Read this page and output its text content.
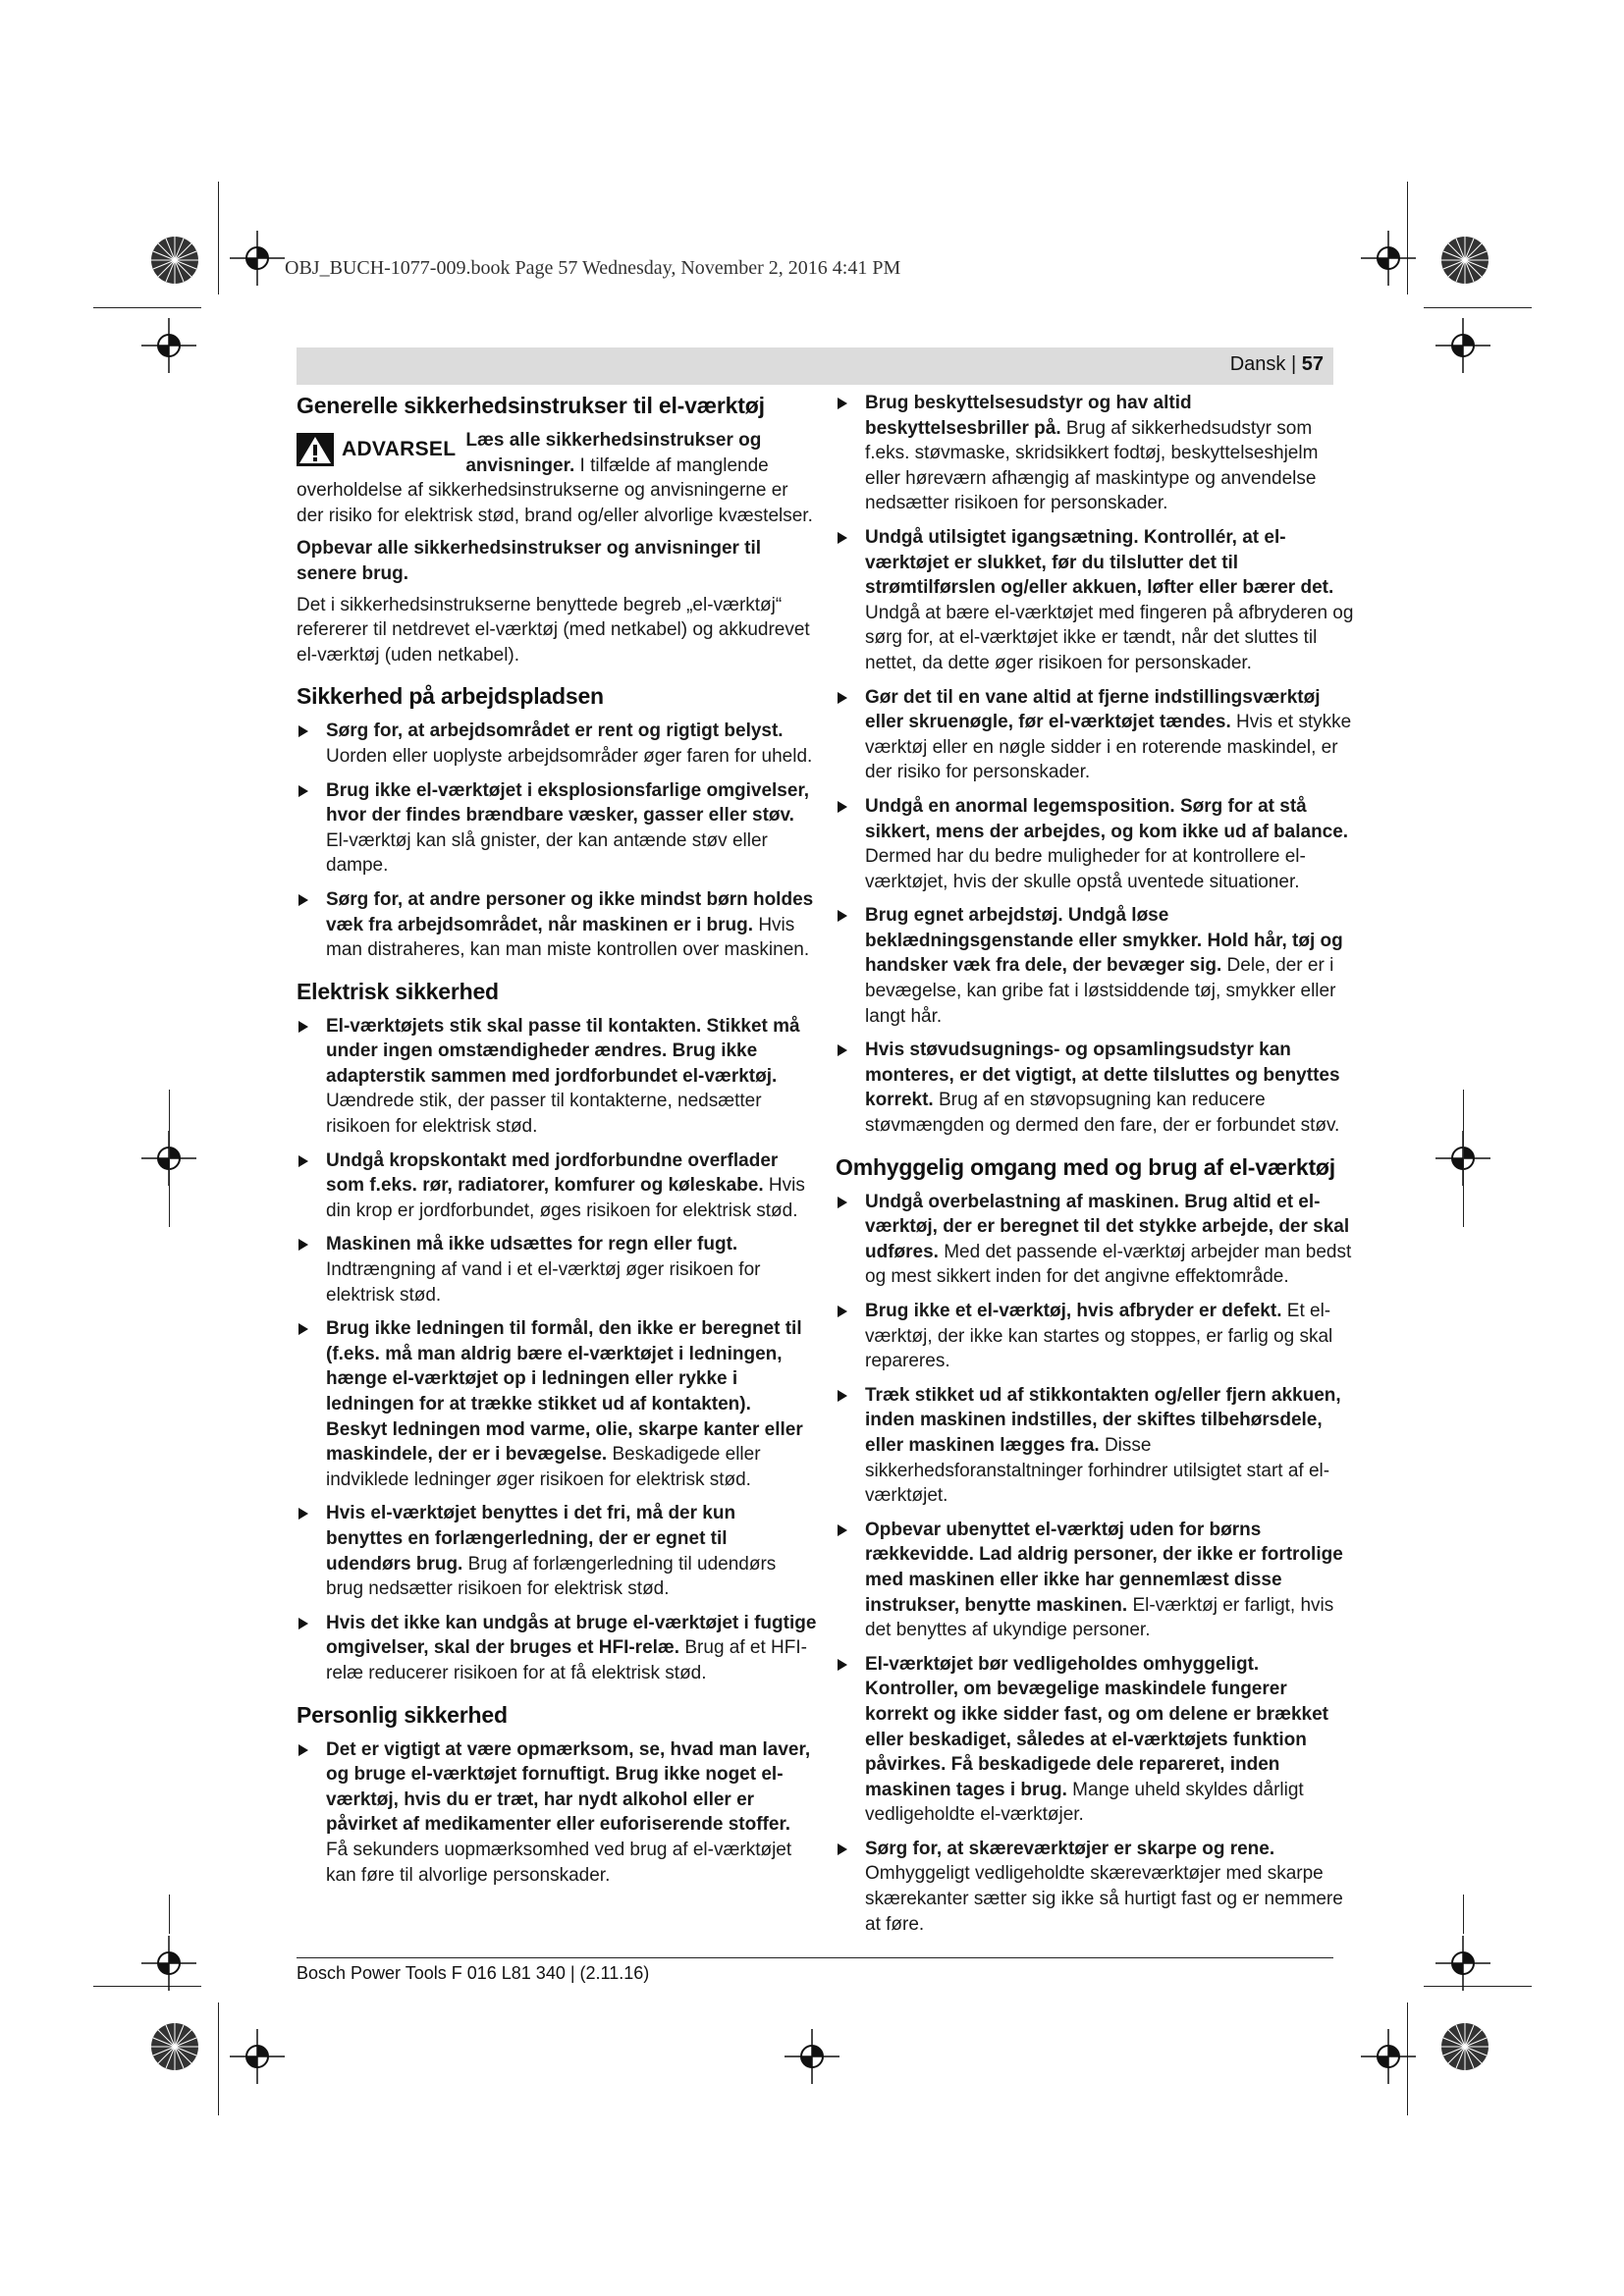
OBJ_BUCH-1077-009.book Page 57 Wednesday, November 2, 2016 4:41 PM
Dansk | 57
Generelle sikkerhedsinstrukser til el-værktøj
ADVARSEL Læs alle sikkerhedsinstrukser og anvisninger. I tilfælde af manglende overholdelse af sikkerhedsinstrukserne og anvisningerne er der risiko for elektrisk stød, brand og/eller alvorlige kvæstelser.

Opbevar alle sikkerhedsinstrukser og anvisninger til senere brug.

Det i sikkerhedsinstrukserne benyttede begreb „el-værktøj“ refererer til netdrevet el-værktøj (med netkabel) og akkudrevet el-værktøj (uden netkabel).

Sikkerhed på arbejdspladsen
Sørg for, at arbejdsområdet er rent og rigtigt belyst. Uorden eller uoplyste arbejdsområder øger faren for uheld.
Brug ikke el-værktøjet i eksplosionsfarlige omgivelser, hvor der findes brændbare væsker, gasser eller støv. El-værktøj kan slå gnister, der kan antænde støv eller dampe.
Sørg for, at andre personer og ikke mindst børn holdes væk fra arbejdsområdet, når maskinen er i brug. Hvis man distraheres, kan man miste kontrollen over maskinen.
Elektrisk sikkerhed
El-værktøjets stik skal passe til kontakten. Stikket må under ingen omstændigheder ændres. Brug ikke adapterstik sammen med jordforbundet el-værktøj. Uændrede stik, der passer til kontakterne, nedsætter risikoen for elektrisk stød.
Undgå kropskontakt med jordforbundne overflader som f.eks. rør, radiatorer, komfurer og køleskabe. Hvis din krop er jordforbundet, øges risikoen for elektrisk stød.
Maskinen må ikke udsættes for regn eller fugt. Indtrængning af vand i et el-værktøj øger risikoen for elektrisk stød.
Brug ikke ledningen til formål, den ikke er beregnet til (f.eks. må man aldrig bære el-værktøjet i ledningen, hænge el-værktøjet op i ledningen eller rykke i ledningen for at trække stikket ud af kontakten). Beskyt ledningen mod varme, olie, skarpe kanter eller maskindele, der er i bevægelse. Beskadigede eller indviklede ledninger øger risikoen for elektrisk stød.
Hvis el-værktøjet benyttes i det fri, må der kun benyttes en forlængerledning, der er egnet til udendørs brug. Brug af forlængerledning til udendørs brug nedsætter risikoen for elektrisk stød.
Hvis det ikke kan undgås at bruge el-værktøjet i fugtige omgivelser, skal der bruges et HFI-relæ. Brug af et HFI-relæ reducerer risikoen for at få elektrisk stød.
Personlig sikkerhed
Det er vigtigt at være opmærksom, se, hvad man laver, og bruge el-værktøjet fornuftigt. Brug ikke noget el-værktøj, hvis du er træt, har nydt alkohol eller er påvirket af medikamenter eller euforiserende stoffer. Få sekunders uopmærksomhed ved brug af el-værktøjet kan føre til alvorlige personskader.
Brug beskyttelsesudstyr og hav altid beskyttelsesbriller på. Brug af sikkerhedsudstyr som f.eks. støvmaske, skridsikkert fodtøj, beskyttelseshjelm eller høreværn afhængig af maskintype og anvendelse nedsætter risikoen for personskader.
Undgå utilsigtet igangsætning. Kontrollér, at el-værktøjet er slukket, før du tilslutter det til strømtilførslen og/eller akkuen, løfter eller bærer det. Undgå at bære el-værktøjet med fingeren på afbryderen og sørg for, at el-værktøjet ikke er tændt, når det sluttes til nettet, da dette øger risikoen for personskader.
Gør det til en vane altid at fjerne indstillingsværktøj eller skruenøgle, før el-værktøjet tændes. Hvis et stykke værktøj eller en nøgle sidder i en roterende maskindel, er der risiko for personskader.
Undgå en anormal legemsposition. Sørg for at stå sikkert, mens der arbejdes, og kom ikke ud af balance. Dermed har du bedre muligheder for at kontrollere el-værktøjet, hvis der skulle opstå uventede situationer.
Brug egnet arbejdstøj. Undgå løse beklædningsgenstande eller smykker. Hold hår, tøj og handsker væk fra dele, der bevæger sig. Dele, der er i bevægelse, kan gribe fat i løstsiddende tøj, smykker eller langt hår.
Hvis støvudsugnings- og opsamlingsudstyr kan monteres, er det vigtigt, at dette tilsluttes og benyttes korrekt. Brug af en støvopsugning kan reducere støvmængden og dermed den fare, der er forbundet støv.
Omhyggelig omgang med og brug af el-værktøj
Undgå overbelastning af maskinen. Brug altid et el-værktøj, der er beregnet til det stykke arbejde, der skal udføres. Med det passende el-værktøj arbejder man bedst og mest sikkert inden for det angivne effektområde.
Brug ikke et el-værktøj, hvis afbryder er defekt. Et el-værktøj, der ikke kan startes og stoppes, er farlig og skal repareres.
Træk stikket ud af stikkontakten og/eller fjern akkuen, inden maskinen indstilles, der skiftes tilbehørsdele, eller maskinen lægges fra. Disse sikkerhedsforanstaltninger forhindrer utilsigtet start af el-værktøjet.
Opbevar ubenyttet el-værktøj uden for børns rækkevidde. Lad aldrig personer, der ikke er fortrolige med maskinen eller ikke har gennemlæst disse instrukser, benytte maskinen. El-værktøj er farligt, hvis det benyttes af ukyndige personer.
El-værktøjet bør vedligeholdes omhyggeligt. Kontroller, om bevægelige maskindele fungerer korrekt og ikke sidder fast, og om delene er brækket eller beskadiget, således at el-værktøjets funktion påvirkes. Få beskadigede dele repareret, inden maskinen tages i brug. Mange uheld skyldes dårligt vedligeholdte el-værktøjer.
Sørg for, at skæreværktøjer er skarpe og rene. Omhyggeligt vedligeholdte skæreværktøjer med skarpe skærekanter sætter sig ikke så hurtigt fast og er nemmere at føre.
Bosch Power Tools F 016 L81 340 | (2.11.16)
